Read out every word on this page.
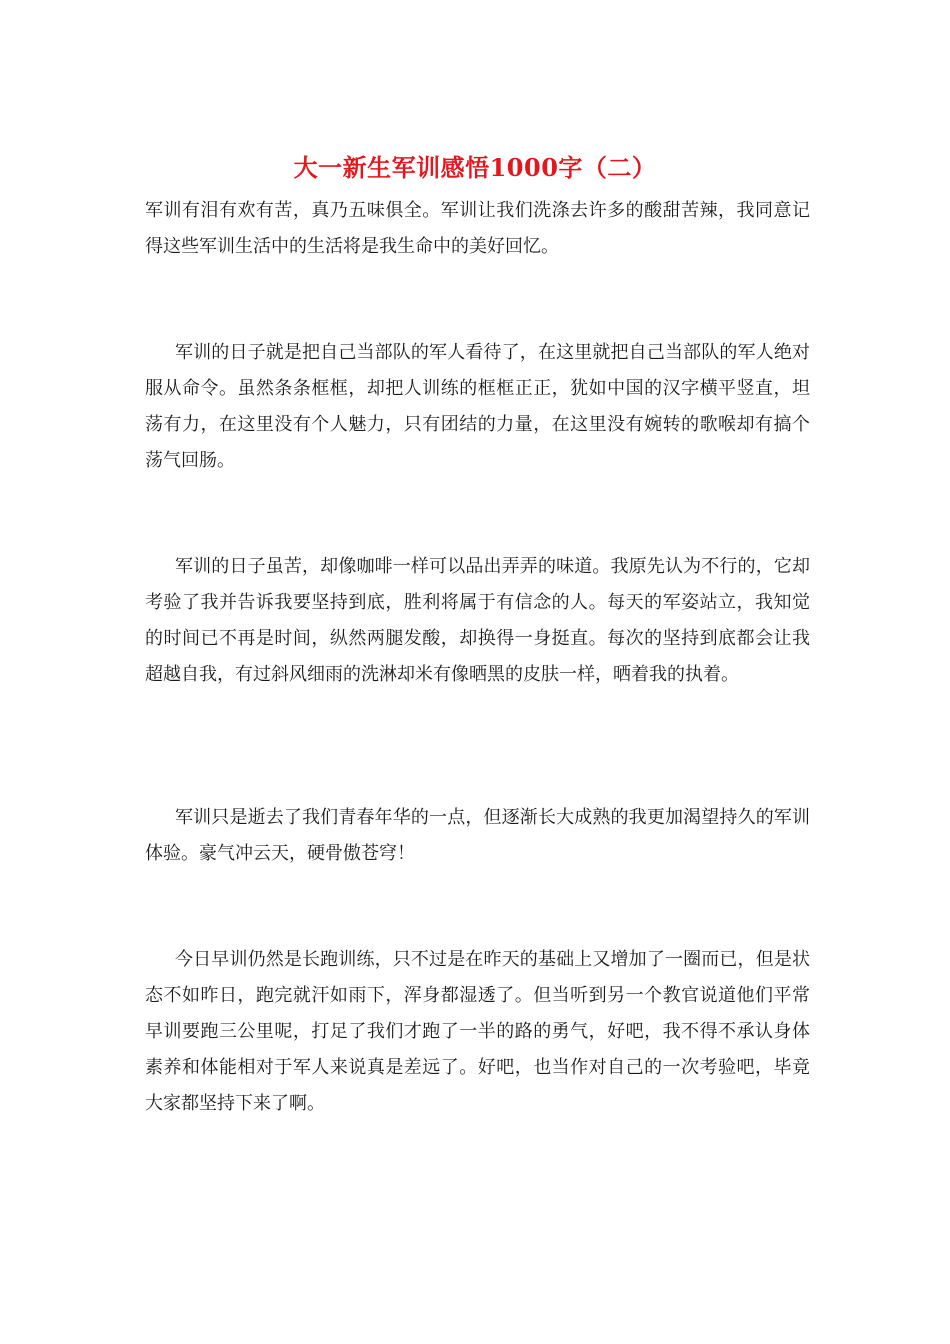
大一新生军训感悟1000字（二）

军训有泪有欢有苦，真乃五味俱全。军训让我们洗涤去许多的酸甜苦辣，我同意记得这些军训生活中的生活将是我生命中的美好回忆。

军训的日子就是把自己当部队的军人看待了，在这里就把自己当部队的军人绝对服从命令。虽然条条框框，却把人训练的框框正正，犹如中国的汉字横平竖直，坦荡有力，在这里没有个人魅力，只有团结的力量，在这里没有婉转的歌喉却有搞个荡气回肠。

军训的日子虽苦，却像咖啡一样可以品出弄弄的味道。我原先认为不行的，它却考验了我并告诉我要坚持到底，胜利将属于有信念的人。每天的军姿站立，我知觉的时间已不再是时间，纵然两腿发酸，却换得一身挺直。每次的坚持到底都会让我超越自我，有过斜风细雨的洗淋却米有像晒黑的皮肤一样，晒着我的执着。

军训只是逝去了我们青春年华的一点，但逐渐长大成熟的我更加渴望持久的军训体验。豪气冲云天，硬骨傲苍穹！

今日早训仍然是长跑训练，只不过是在昨天的基础上又增加了一圈而已，但是状态不如昨日，跑完就汗如雨下，浑身都湿透了。但当听到另一个教官说道他们平常早训要跑三公里呢，打足了我们才跑了一半的路的勇气，好吧，我不得不承认身体素养和体能相对于军人来说真是差远了。好吧，也当作对自己的一次考验吧，毕竟大家都坚持下来了啊。
